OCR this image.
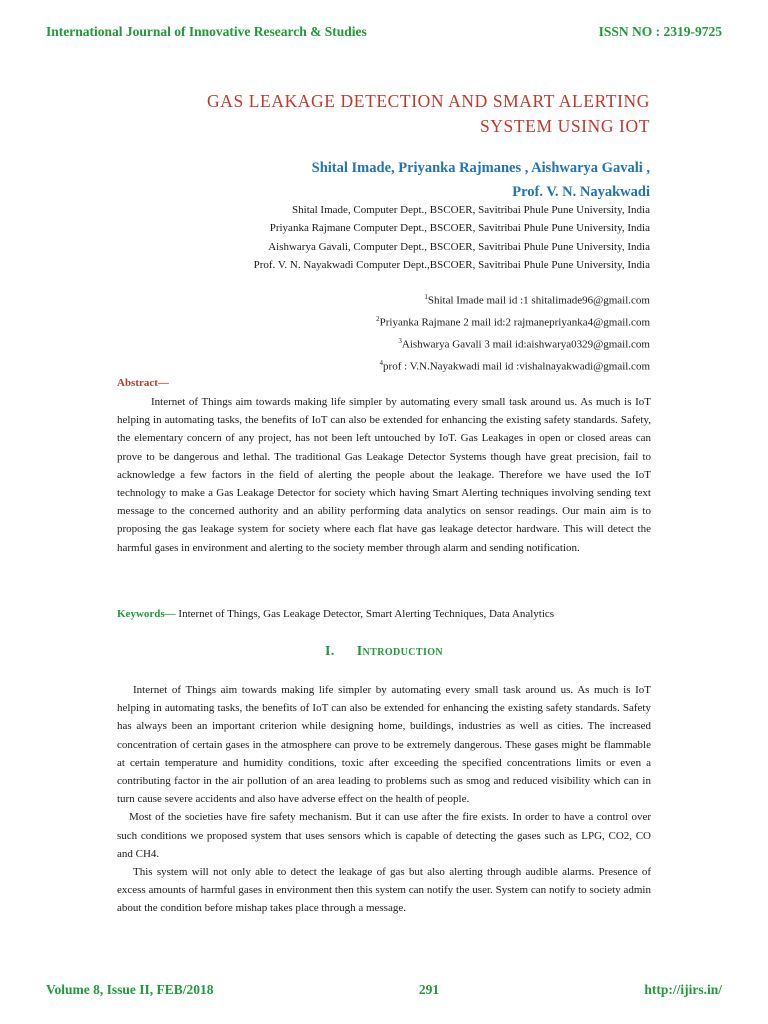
International Journal of Innovative Research & Studies	ISSN NO : 2319-9725
GAS LEAKAGE DETECTION AND SMART ALERTING
SYSTEM USING IOT
Shital Imade, Priyanka Rajmanes , Aishwarya Gavali ,
Prof. V. N. Nayakwadi
Shital Imade, Computer Dept., BSCOER, Savitribai Phule Pune University, India
Priyanka Rajmane Computer Dept., BSCOER, Savitribai Phule Pune University, India
Aishwarya Gavali, Computer Dept., BSCOER, Savitribai Phule Pune University, India
Prof. V. N. Nayakwadi Computer Dept.,BSCOER, Savitribai Phule Pune University, India
$^1$Shital Imade mail id :1 shitalimade96@gmail.com
$^2$Priyanka Rajmane 2 mail id:2 rajmanepriyanka4@gmail.com
$^3$Aishwarya Gavali 3 mail id:aishwarya0329@gmail.com
$^4$prof : V.N.Nayakwadi mail id :vishalnayakwadi@gmail.com
Abstract—

Internet of Things aim towards making life simpler by automating every small task around us. As much is IoT helping in automating tasks, the benefits of IoT can also be extended for enhancing the existing safety standards. Safety, the elementary concern of any project, has not been left untouched by IoT. Gas Leakages in open or closed areas can prove to be dangerous and lethal. The traditional Gas Leakage Detector Systems though have great precision, fail to acknowledge a few factors in the field of alerting the people about the leakage. Therefore we have used the IoT technology to make a Gas Leakage Detector for society which having Smart Alerting techniques involving sending text message to the concerned authority and an ability performing data analytics on sensor readings. Our main aim is to proposing the gas leakage system for society where each flat have gas leakage detector hardware. This will detect the harmful gases in environment and alerting to the society member through alarm and sending notification.

Keywords— Internet of Things, Gas Leakage Detector, Smart Alerting Techniques, Data Analytics
I. Introduction

Internet of Things aim towards making life simpler by automating every small task around us. As much is IoT helping in automating tasks, the benefits of IoT can also be extended for enhancing the existing safety standards. Safety has always been an important criterion while designing home, buildings, industries as well as cities. The increased concentration of certain gases in the atmosphere can prove to be extremely dangerous. These gases might be flammable at certain temperature and humidity conditions, toxic after exceeding the specified concentrations limits or even a contributing factor in the air pollution of an area leading to problems such as smog and reduced visibility which can in turn cause severe accidents and also have adverse effect on the health of people.

Most of the societies have fire safety mechanism. But it can use after the fire exists. In order to have a control over such conditions we proposed system that uses sensors which is capable of detecting the gases such as LPG, CO2, CO and CH4.

This system will not only able to detect the leakage of gas but also alerting through audible alarms. Presence of excess amounts of harmful gases in environment then this system can notify the user. System can notify to society admin about the condition before mishap takes place through a message.

Volume 8, Issue II, FEB/2018	291	http://ijirs.in/
